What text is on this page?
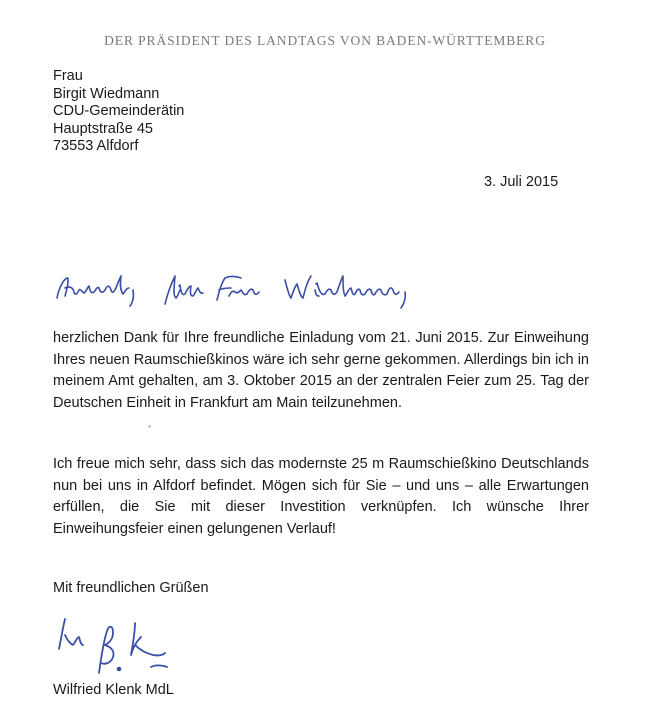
DER PRÄSIDENT DES LANDTAGS VON BADEN-WÜRTTEMBERG
Frau
Birgit Wiedmann
CDU-Gemeinderätin
Hauptstraße 45
73553 Alfdorf
3. Juli 2015
herzlichen Dank für Ihre freundliche Einladung vom 21. Juni 2015. Zur Einweihung Ihres neuen Raumschießkinos wäre ich sehr gerne gekommen. Allerdings bin ich in meinem Amt gehalten, am 3. Oktober 2015 an der zentralen Feier zum 25. Tag der Deutschen Einheit in Frankfurt am Main teilzunehmen.
Ich freue mich sehr, dass sich das modernste 25 m Raumschießkino Deutschlands nun bei uns in Alfdorf befindet. Mögen sich für Sie – und uns – alle Erwartungen erfüllen, die Sie mit dieser Investition verknüpfen. Ich wünsche Ihrer Einweihungsfeier einen gelungenen Verlauf!
Mit freundlichen Grüßen
Wilfried Klenk MdL
